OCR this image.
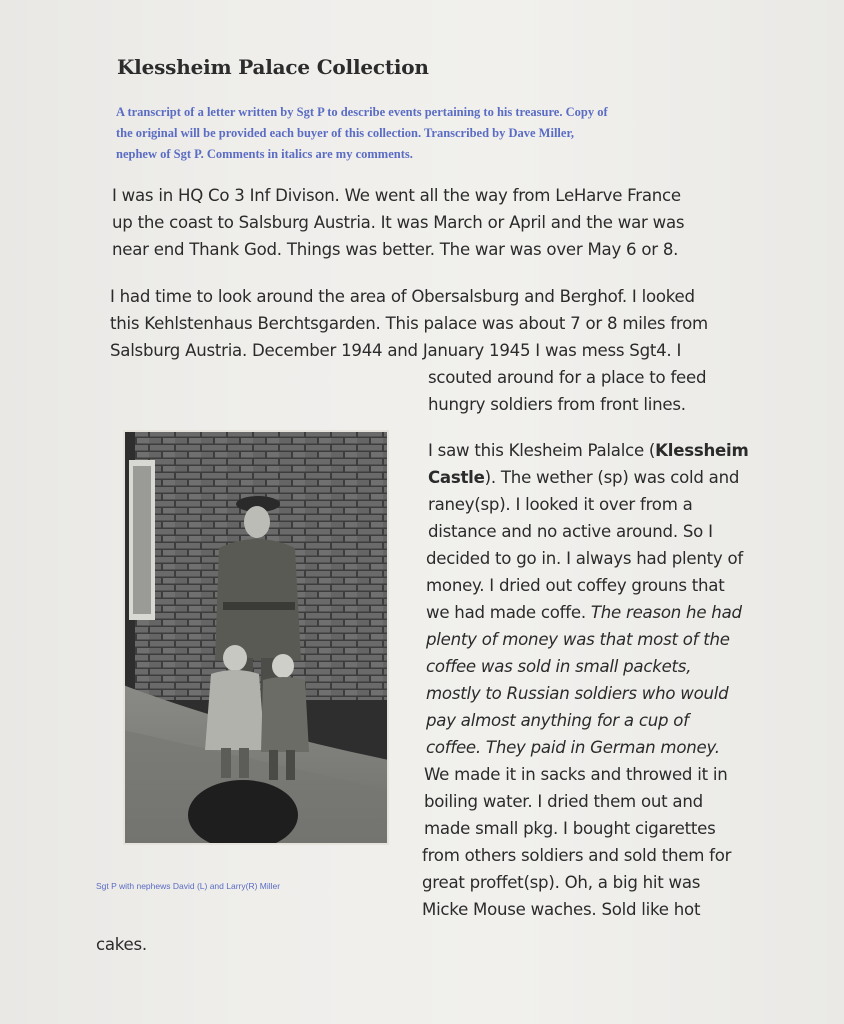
Klessheim Palace Collection
A transcript of a letter written by Sgt P to describe events pertaining to his treasure. Copy of
the original will be provided each buyer of this collection. Transcribed by Dave Miller,
nephew of Sgt P. Comments in italics are my comments.
I was in HQ Co 3 Inf Divison. We went all the way from LeHarve France
up the coast to Salsburg Austria. It was March or April and the war was
near end Thank God. Things was better. The war was over May 6 or 8.
I had time to look around the area of Obersalsburg and Berghof. I looked
this Kehlstenhaus Berchtsgarden. This palace was about 7 or 8 miles from
Salsburg Austria. December 1944 and January 1945 I was mess Sgt4. I
scouted around for a place to feed
hungry soldiers from front lines.
I saw this Klesheim Palalce (Klessheim
Castle). The wether (sp) was cold and
raney(sp). I looked it over from a
distance and no active around. So I
decided to go in. I always had plenty of
money. I dried out coffey grouns that
we had made coffe. The reason he had
plenty of money was that most of the
coffee was sold in small packets,
mostly to Russian soldiers who would
pay almost anything for a cup of
coffee. They paid in German money.
We made it in sacks and throwed it in
boiling water. I dried them out and
made small pkg. I bought cigarettes
from others soldiers and sold them for
great proffet(sp). Oh, a big hit was
Micke Mouse waches. Sold like hot
cakes.
Sgt P with nephews David (L) and Larry(R) Miller
